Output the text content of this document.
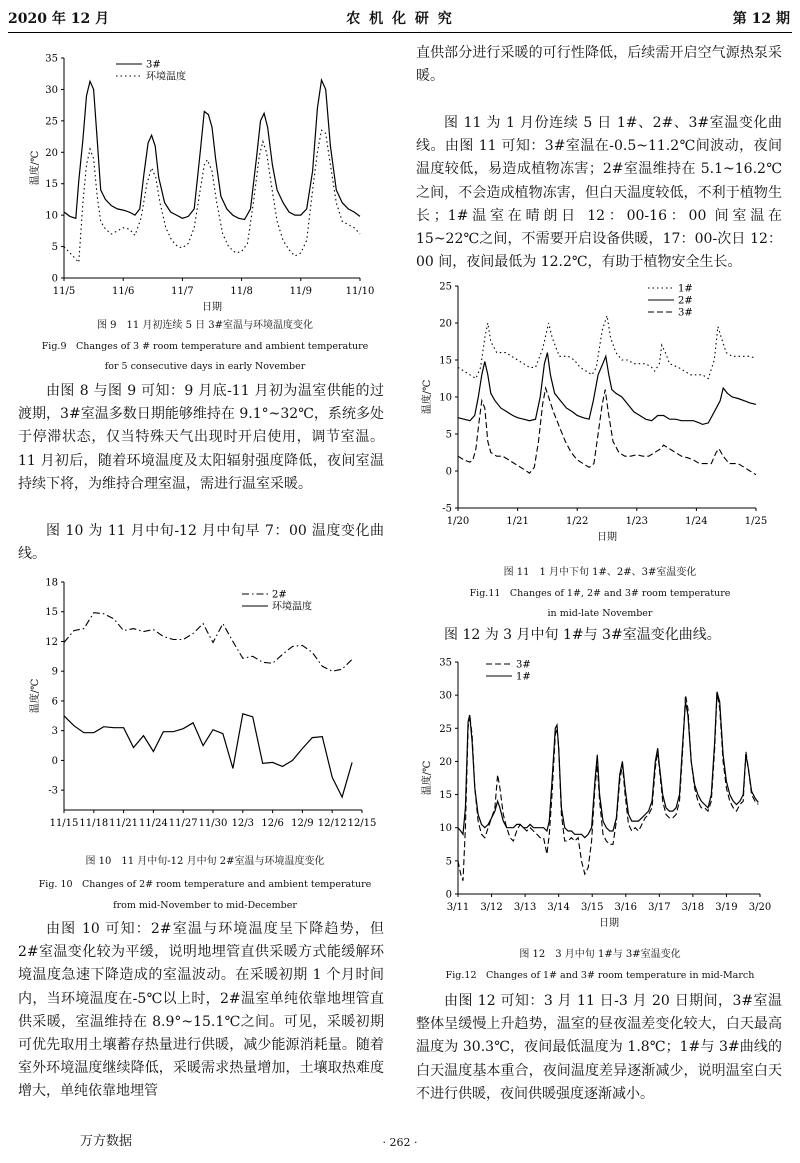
2020 年 12 月	农 机 化 研 究	第 12 期
0
5
10
15
20
25
30
35
11/5	11/6	11/7	11/8	11/9	11/10
温度/℃
日期
3#
环境温度

图 9　11 月初连续 5 日 3#室温与环境温度变化

Fig.9　Changes of 3 # room temperature and ambient temperature

for 5 consecutive days in early November

由图 8 与图 9 可知：9 月底-11 月初为温室供能的过渡期，3#室温多数日期能够维持在 9.1°~32℃，系统多处于停滞状态，仅当特殊天气出现时开启使用，调节室温。11 月初后，随着环境温度及太阳辐射强度降低，夜间室温持续下将，为维持合理室温，需进行温室采暖。

图 10 为 11 月中旬-12 月中旬早 7：00 温度变化曲线。

-3
0
3
6
9
12
15
18
11/15 11/18 11/21 11/24 11/27 11/30 12/3 12/6 12/9 12/12 12/15
温度/℃
2#
环境温度

图 10　11 月中旬-12 月中旬 2#室温与环境温度变化

Fig. 10　Changes of 2# room temperature and ambient temperature

from mid-November to mid-December

由图 10 可知：2#室温与环境温度呈下降趋势，但 2#室温变化较为平缓，说明地埋管直供采暖方式能缓解环境温度急速下降造成的室温波动。在采暖初期 1 个月时间内，当环境温度在-5℃以上时，2#温室单纯依靠地埋管直供采暖，室温维持在 8.9°~15.1℃之间。可见，采暖初期可优先取用土壤蓄存热量进行供暖，减少能源消耗量。随着室外环境温度继续降低，采暖需求热量增加，土壤取热难度增大，单纯依靠地埋管

直供部分进行采暖的可行性降低，后续需开启空气源热泵采暖。

图 11 为 1 月份连续 5 日 1#、2#、3#室温变化曲线。由图 11 可知：3#室温在-0.5~11.2℃间波动，夜间温度较低，易造成植物冻害；2#室温维持在 5.1~16.2℃之间，不会造成植物冻害，但白天温度较低，不利于植物生长；1#温室在晴朗日 12：00-16：00 间室温在 15~22℃之间，不需要开启设备供暖，17：00-次日 12：00 间，夜间最低为 12.2℃，有助于植物安全生长。

-5
0
5
10
15
20
25
1/20	1/21	1/22	1/23	1/24	1/25
温度/℃
日期
1#
2#
3#

图 11　1 月中下旬 1#、2#、3#室温变化

Fig.11　Changes of 1#, 2# and 3# room temperature

in mid-late November

图 12 为 3 月中旬 1#与 3#室温变化曲线。

0
5
10
15
20
25
30
35
3/11 3/12 3/13 3/14 3/15 3/16 3/17 3/18 3/19 3/20
温度/℃
日期
3#
1#

图 12　3 月中旬 1#与 3#室温变化

Fig.12　Changes of 1# and 3# room temperature in mid-March

由图 12 可知：3 月 11 日-3 月 20 日期间，3#室温整体呈缓慢上升趋势，温室的昼夜温差变化较大，白天最高温度为 30.3℃，夜间最低温度为 1.8℃；1#与 3#曲线的白天温度基本重合，夜间温度差异逐渐减少，说明温室白天不进行供暖，夜间供暖强度逐渐减小。

万方数据	· 262 ·
